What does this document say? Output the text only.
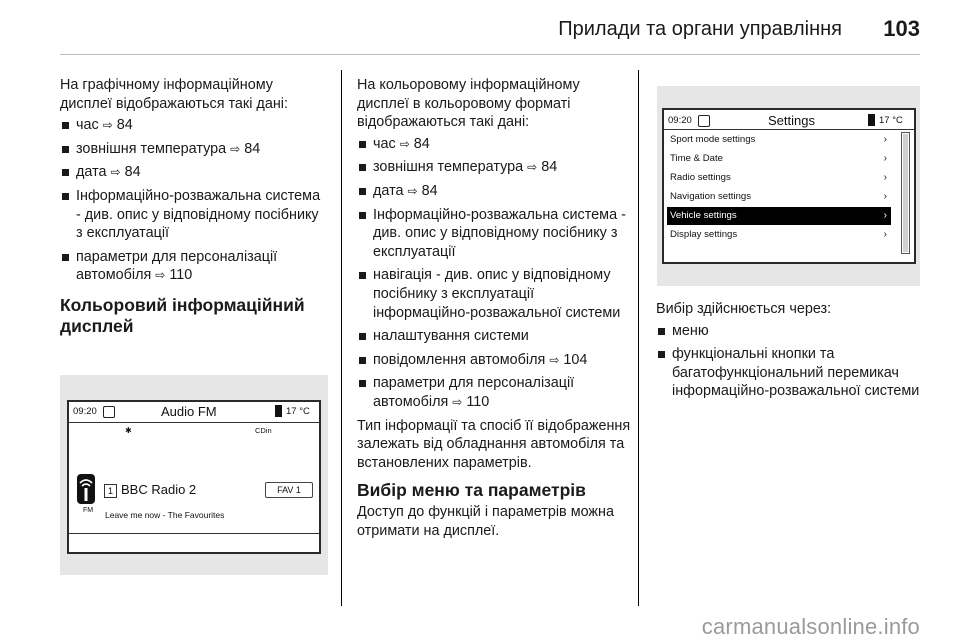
Прилади та органи управління 103

На графічному інформаційному дисплеї відображаються такі дані:

час ⇨ 84
зовнішня температура ⇨ 84
дата ⇨ 84
Інформаційно-розважальна система - див. опис у відповідному посібнику з експлуатації
параметри для персоналізації автомобіля ⇨ 110
Кольоровий інформаційний дисплей
09:20	Audio FM	17 °C
✱	CDin
1 BBC Radio 2	FAV 1
FM Leave me now - The Favourites

На кольоровому інформаційному дисплеї в кольоровому форматі відображаються такі дані:

час ⇨ 84
зовнішня температура ⇨ 84
дата ⇨ 84
Інформаційно-розважальна система - див. опис у відповідному посібнику з експлуатації
навігація - див. опис у відповідному посібнику з експлуатації інформаційно-розважальної системи
налаштування системи
повідомлення автомобіля ⇨ 104
параметри для персоналізації автомобіля ⇨ 110

Тип інформації та спосіб її відображення залежать від обладнання автомобіля та встановлених параметрів.

Вибір меню та параметрів

Доступ до функцій і параметрів можна отримати на дисплеї.

09:20	Settings	17 °C
Sport mode settings	›
Time & Date	›
Radio settings	›
Navigation settings	›
Vehicle settings	›
Display settings	›

Вибір здійснюється через:

меню
функціональні кнопки та багатофункціональний перемикач інформаційно-розважальної системи
carmanualsonline.info
